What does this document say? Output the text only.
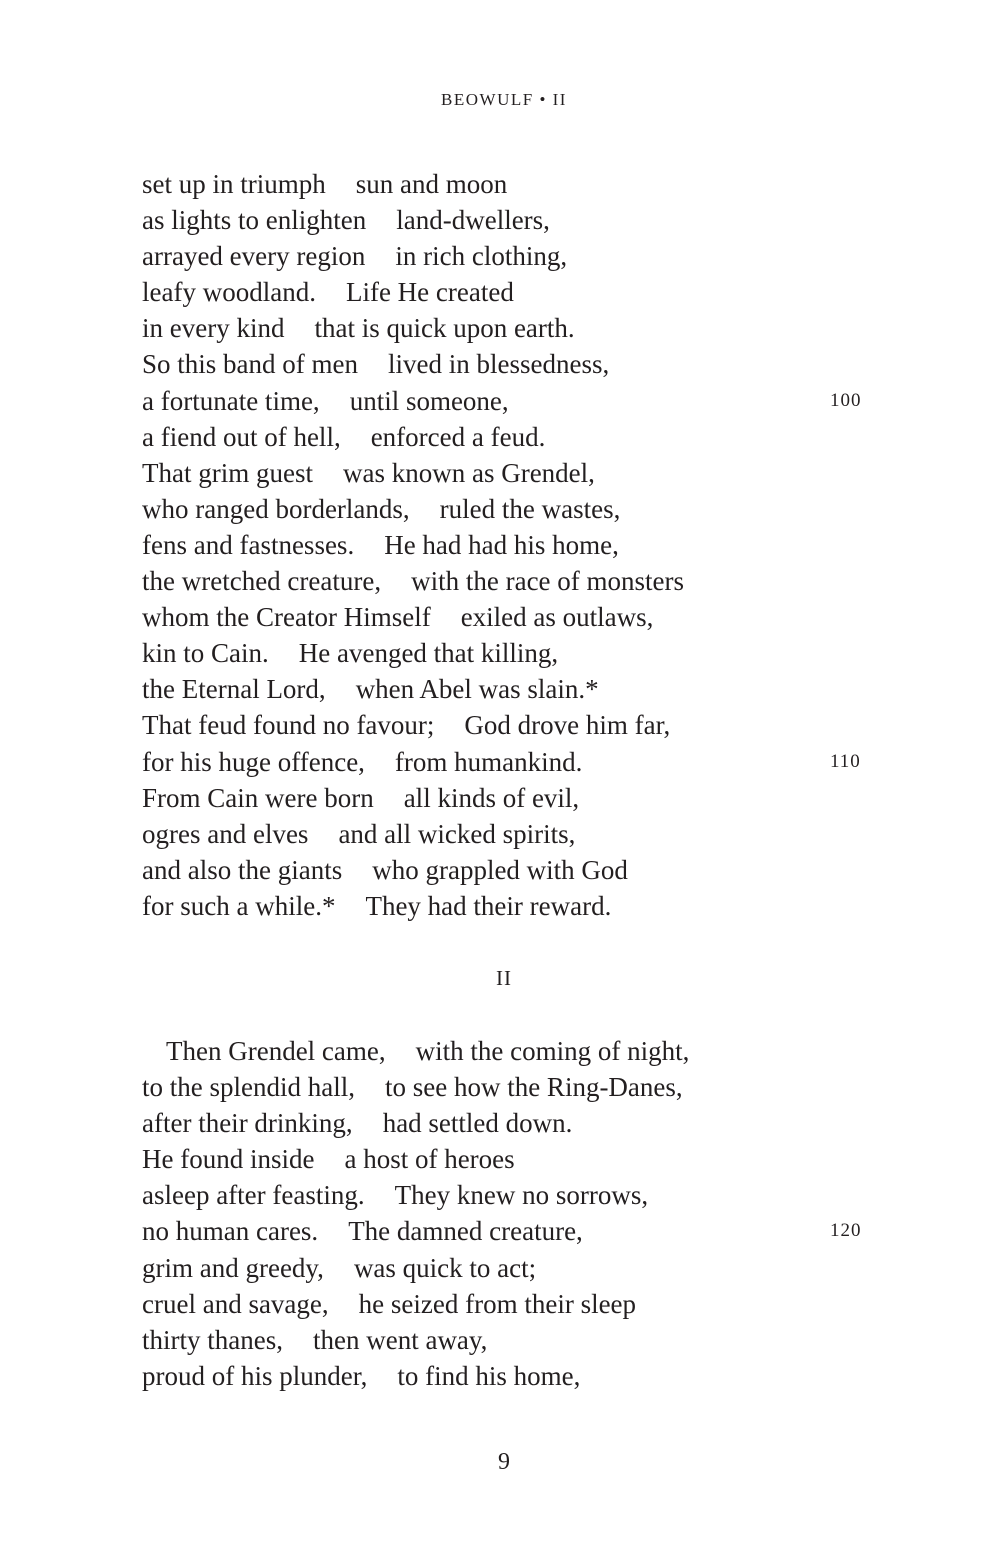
BEOWULF • II
set up in triumph sun and moon
as lights to enlighten land-dwellers,
arrayed every region in rich clothing,
leafy woodland. Life He created
in every kind that is quick upon earth.
So this band of men lived in blessedness,
a fortunate time, until someone,	100
a fiend out of hell, enforced a feud.
That grim guest was known as Grendel,
who ranged borderlands, ruled the wastes,
fens and fastnesses. He had had his home,
the wretched creature, with the race of monsters
whom the Creator Himself exiled as outlaws,
kin to Cain. He avenged that killing,
the Eternal Lord, when Abel was slain.*
That feud found no favour; God drove him far,
for his huge offence, from humankind.	110
From Cain were born all kinds of evil,
ogres and elves and all wicked spirits,
and also the giants who grappled with God
for such a while.* They had their reward.
II
Then Grendel came, with the coming of night,
to the splendid hall, to see how the Ring-Danes,
after their drinking, had settled down.
He found inside a host of heroes
asleep after feasting. They knew no sorrows,
no human cares. The damned creature,	120
grim and greedy, was quick to act;
cruel and savage, he seized from their sleep
thirty thanes, then went away,
proud of his plunder, to find his home,
9
